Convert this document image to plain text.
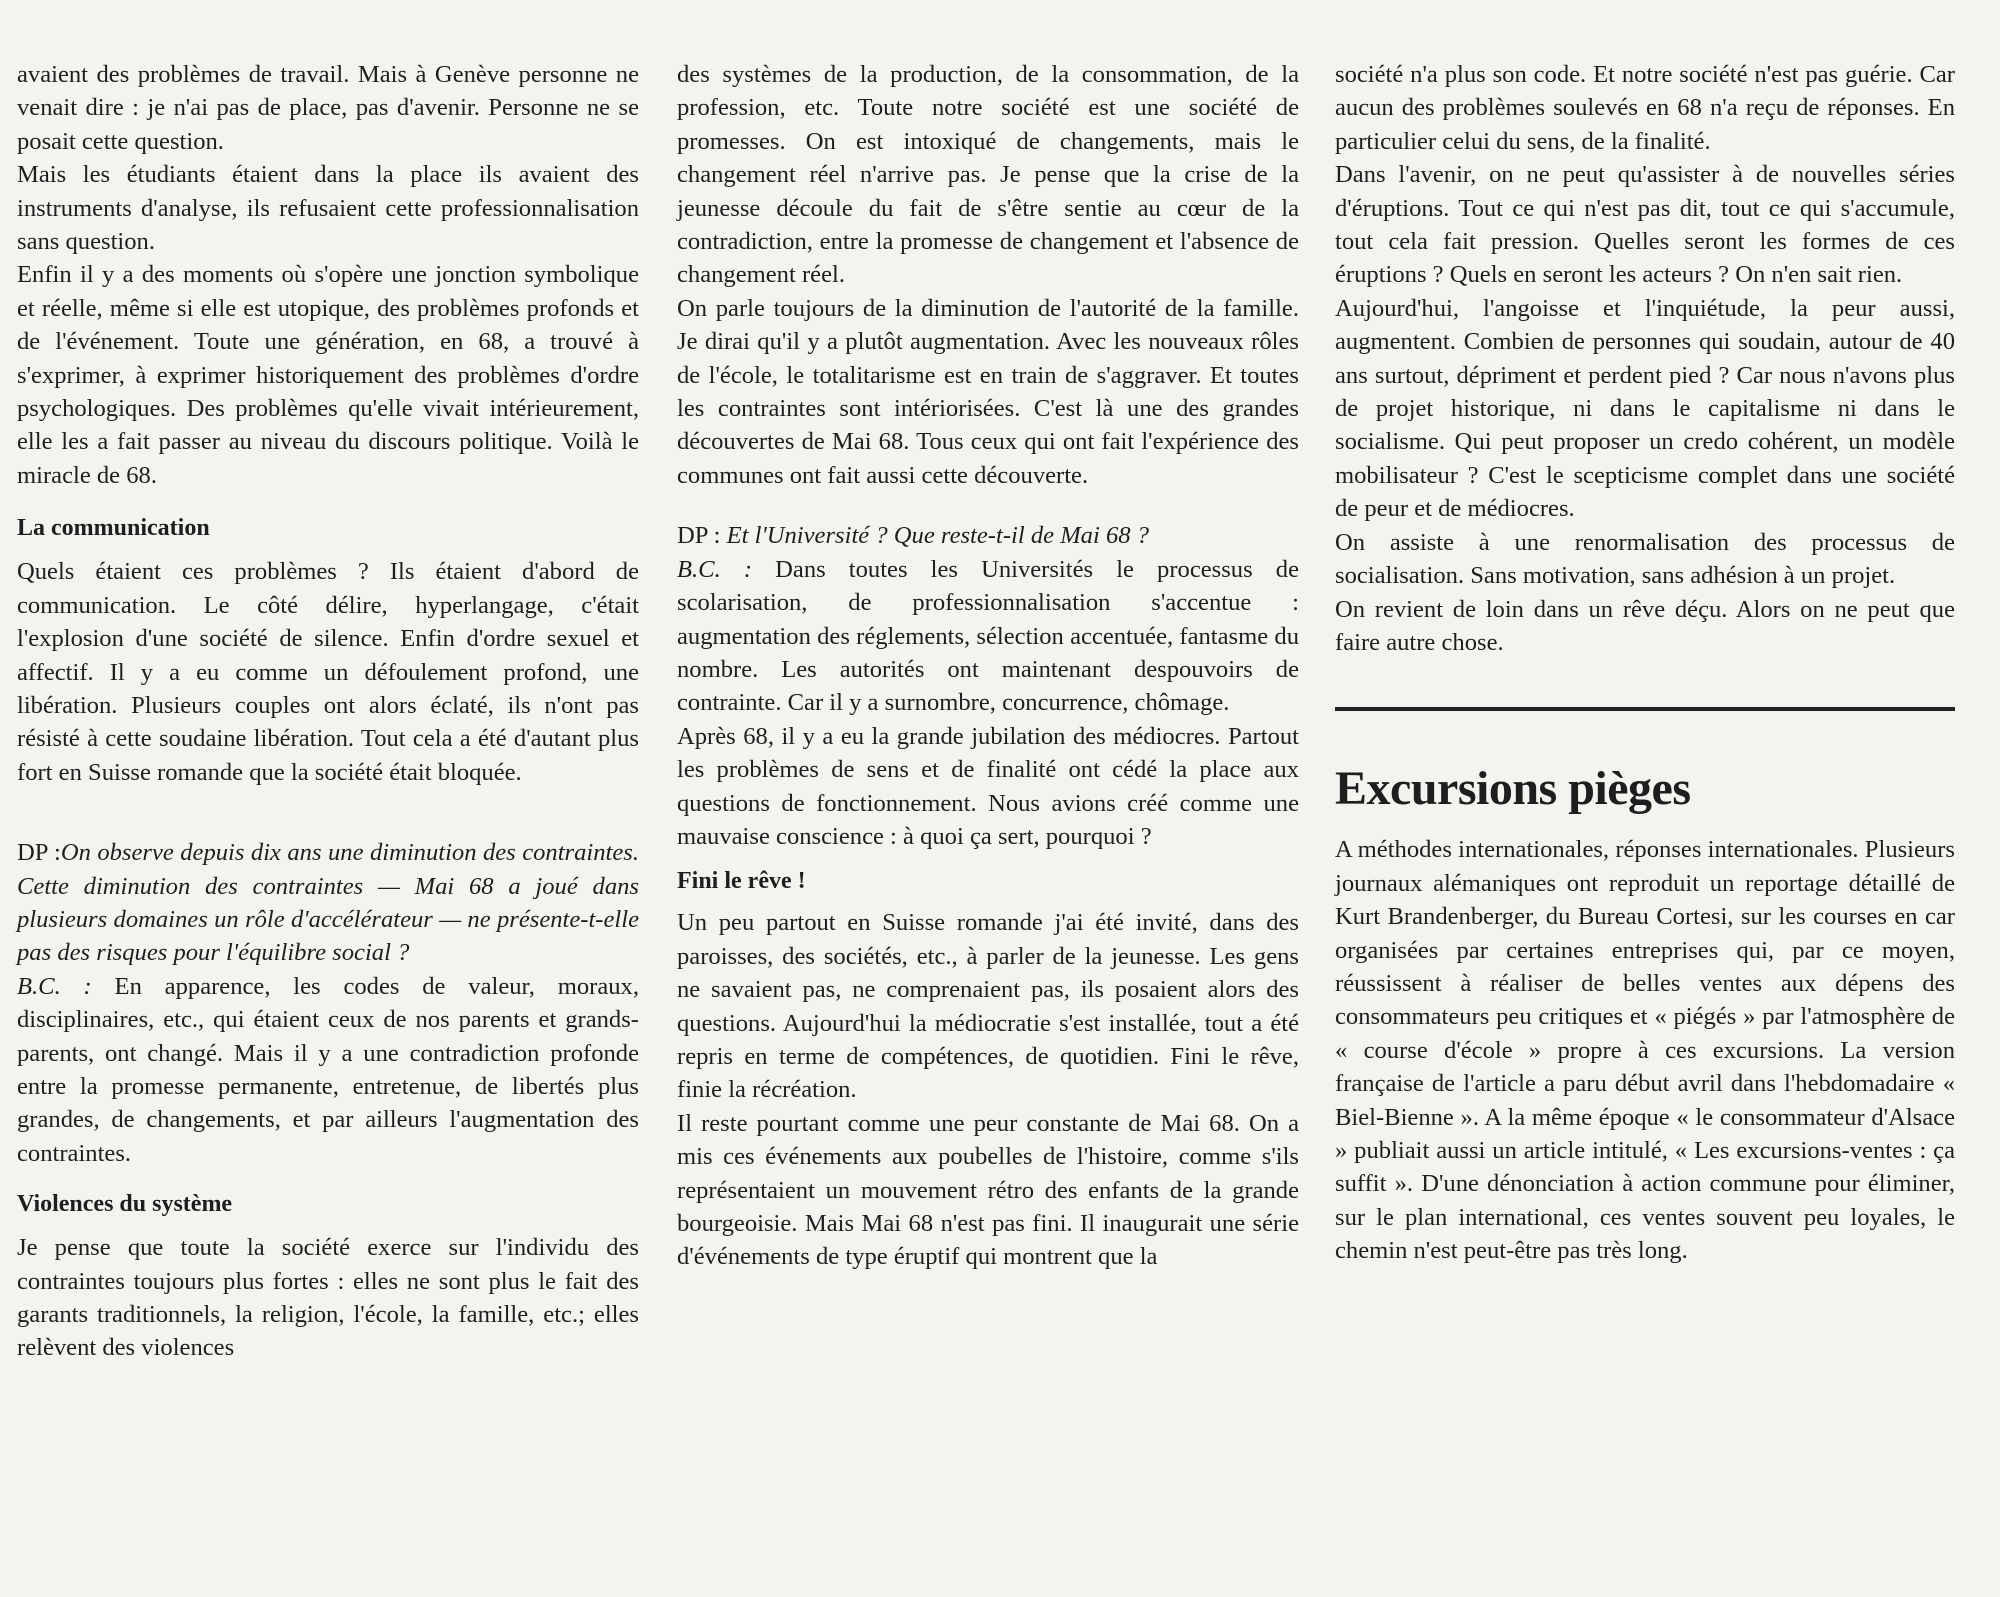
avaient des problèmes de travail. Mais à Genève personne ne venait dire : je n'ai pas de place, pas d'avenir. Personne ne se posait cette question.

Mais les étudiants étaient dans la place ils avaient des instruments d'analyse, ils refusaient cette professionnalisation sans question.

Enfin il y a des moments où s'opère une jonction symbolique et réelle, même si elle est utopique, des problèmes profonds et de l'événement. Toute une génération, en 68, a trouvé à s'exprimer, à exprimer historiquement des problèmes d'ordre psychologiques. Des problèmes qu'elle vivait intérieurement, elle les a fait passer au niveau du discours politique. Voilà le miracle de 68.

La communication

Quels étaient ces problèmes ? Ils étaient d'abord de communication. Le côté délire, hyperlangage, c'était l'explosion d'une société de silence. Enfin d'ordre sexuel et affectif. Il y a eu comme un défoulement profond, une libération. Plusieurs couples ont alors éclaté, ils n'ont pas résisté à cette soudaine libération. Tout cela a été d'autant plus fort en Suisse romande que la société était bloquée.

DP :On observe depuis dix ans une diminution des contraintes. Cette diminution des contraintes — Mai 68 a joué dans plusieurs domaines un rôle d'accélérateur — ne présente-t-elle pas des risques pour l'équilibre social ?

B.C. : En apparence, les codes de valeur, moraux, disciplinaires, etc., qui étaient ceux de nos parents et grands-parents, ont changé. Mais il y a une contradiction profonde entre la promesse permanente, entretenue, de libertés plus grandes, de changements, et par ailleurs l'augmentation des contraintes.

Violences du système

Je pense que toute la société exerce sur l'individu des contraintes toujours plus fortes : elles ne sont plus le fait des garants traditionnels, la religion, l'école, la famille, etc.; elles relèvent des violences

des systèmes de la production, de la consommation, de la profession, etc. Toute notre société est une société de promesses. On est intoxiqué de changements, mais le changement réel n'arrive pas. Je pense que la crise de la jeunesse découle du fait de s'être sentie au cœur de la contradiction, entre la promesse de changement et l'absence de changement réel.

On parle toujours de la diminution de l'autorité de la famille. Je dirai qu'il y a plutôt augmentation. Avec les nouveaux rôles de l'école, le totalitarisme est en train de s'aggraver. Et toutes les contraintes sont intériorisées. C'est là une des grandes découvertes de Mai 68. Tous ceux qui ont fait l'expérience des communes ont fait aussi cette découverte.

DP : Et l'Université ? Que reste-t-il de Mai 68 ?

B.C. : Dans toutes les Universités le processus de scolarisation, de professionnalisation s'accentue : augmentation des réglements, sélection accentuée, fantasme du nombre. Les autorités ont maintenant despouvoirs de contrainte. Car il y a surnombre, concurrence, chômage.

Après 68, il y a eu la grande jubilation des médiocres. Partout les problèmes de sens et de finalité ont cédé la place aux questions de fonctionnement. Nous avions créé comme une mauvaise conscience : à quoi ça sert, pourquoi ?

Fini le rêve !

Un peu partout en Suisse romande j'ai été invité, dans des paroisses, des sociétés, etc., à parler de la jeunesse. Les gens ne savaient pas, ne comprenaient pas, ils posaient alors des questions. Aujourd'hui la médiocratie s'est installée, tout a été repris en terme de compétences, de quotidien. Fini le rêve, finie la récréation.

Il reste pourtant comme une peur constante de Mai 68. On a mis ces événements aux poubelles de l'histoire, comme s'ils représentaient un mouvement rétro des enfants de la grande bourgeoisie. Mais Mai 68 n'est pas fini. Il inaugurait une série d'événements de type éruptif qui montrent que la

société n'a plus son code. Et notre société n'est pas guérie. Car aucun des problèmes soulevés en 68 n'a reçu de réponses. En particulier celui du sens, de la finalité.

Dans l'avenir, on ne peut qu'assister à de nouvelles séries d'éruptions. Tout ce qui n'est pas dit, tout ce qui s'accumule, tout cela fait pression. Quelles seront les formes de ces éruptions ? Quels en seront les acteurs ? On n'en sait rien.

Aujourd'hui, l'angoisse et l'inquiétude, la peur aussi, augmentent. Combien de personnes qui soudain, autour de 40 ans surtout, dépriment et perdent pied ? Car nous n'avons plus de projet historique, ni dans le capitalisme ni dans le socialisme. Qui peut proposer un credo cohérent, un modèle mobilisateur ? C'est le scepticisme complet dans une société de peur et de médiocres.

On assiste à une renormalisation des processus de socialisation. Sans motivation, sans adhésion à un projet.

On revient de loin dans un rêve déçu. Alors on ne peut que faire autre chose.

Excursions pièges

A méthodes internationales, réponses internationales. Plusieurs journaux alémaniques ont reproduit un reportage détaillé de Kurt Brandenberger, du Bureau Cortesi, sur les courses en car organisées par certaines entreprises qui, par ce moyen, réussissent à réaliser de belles ventes aux dépens des consommateurs peu critiques et « piégés » par l'atmosphère de « course d'école » propre à ces excursions. La version française de l'article a paru début avril dans l'hebdomadaire « Biel-Bienne ». A la même époque « le consommateur d'Alsace » publiait aussi un article intitulé, « Les excursions-ventes : ça suffit ». D'une dénonciation à action commune pour éliminer, sur le plan international, ces ventes souvent peu loyales, le chemin n'est peut-être pas très long.
